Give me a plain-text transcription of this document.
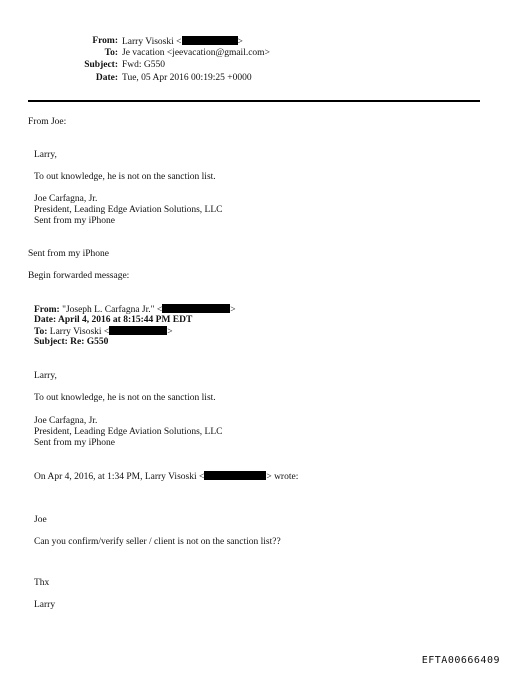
From: Larry Visoski <	>
To: Je vacation <jeevacation@gmail.com>
Subject: Fwd: G550
Date: Tue, 05 Apr 2016 00:19:25 +0000
From Joe:
Larry,
To out knowledge, he is not on the sanction list.
Joe Carfagna, Jr.
President, Leading Edge Aviation Solutions, LLC
Sent from my iPhone
Sent from my iPhone
Begin forwarded message:
From: "Joseph L. Carfagna Jr." <	>
Date: April 4, 2016 at 8:15:44 PM EDT
To: Larry Visoski <	>
Subject: Re: G550
Larry,
To out knowledge, he is not on the sanction list.
Joe Carfagna, Jr.
President, Leading Edge Aviation Solutions, LLC
Sent from my iPhone
On Apr 4, 2016, at 1:34 PM, Larry Visoski <	> wrote:
Joe
Can you confirm/verify seller / client is not on the sanction list??
Thx
Larry
EFTA00666409
